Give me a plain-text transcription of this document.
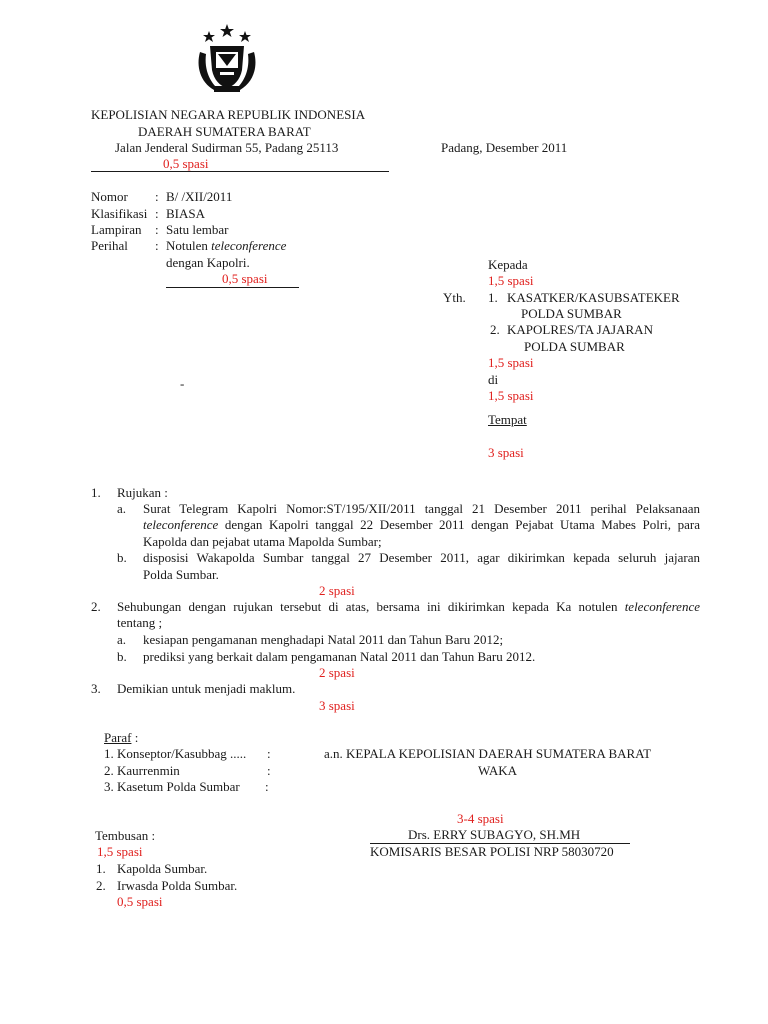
KEPOLISIAN NEGARA REPUBLIK INDONESIA
DAERAH SUMATERA BARAT
Jalan Jenderal Sudirman 55, Padang 25113	Padang, Desember 2011
0,5 spasi
Nomor : B/ /XII/2011
Klasifikasi : BIASA
Lampiran : Satu lembar
Perihal : Notulen teleconference
dengan Kapolri.
0,5 spasi
-
Kepada
1,5 spasi
Yth. 1. KASATKER/KASUBSATEKER
POLDA SUMBAR
2. KAPOLRES/TA JAJARAN
POLDA SUMBAR
1,5 spasi
di
1,5 spasi
Tempat
3 spasi
1. Rujukan :
a. Surat Telegram Kapolri Nomor:ST/195/XII/2011 tanggal 21 Desember 2011 perihal Pelaksanaan
teleconference dengan Kapolri tanggal 22 Desember 2011 dengan Pejabat Utama Mabes Polri, para
Kapolda dan pejabat utama Mapolda Sumbar;
b. disposisi Wakapolda Sumbar tanggal 27 Desember 2011, agar dikirimkan kepada seluruh jajaran
Polda Sumbar.
2 spasi
2. Sehubungan dengan rujukan tersebut di atas, bersama ini dikirimkan kepada Ka notulen teleconference
tentang ;
a. kesiapan pengamanan menghadapi Natal 2011 dan Tahun Baru 2012;
b. prediksi yang berkait dalam pengamanan Natal 2011 dan Tahun Baru 2012.
2 spasi
3. Demikian untuk menjadi maklum.
3 spasi
Paraf :
1. Konseptor/Kasubbag ..... :
2. Kaurrenmin	:
3. Kasetum Polda Sumbar :
a.n. KEPALA KEPOLISIAN DAERAH SUMATERA BARAT
WAKA
3-4 spasi
Drs. ERRY SUBAGYO, SH.MH
KOMISARIS BESAR POLISI NRP 58030720
Tembusan :
1,5 spasi
1. Kapolda Sumbar.
2. Irwasda Polda Sumbar.
0,5 spasi
